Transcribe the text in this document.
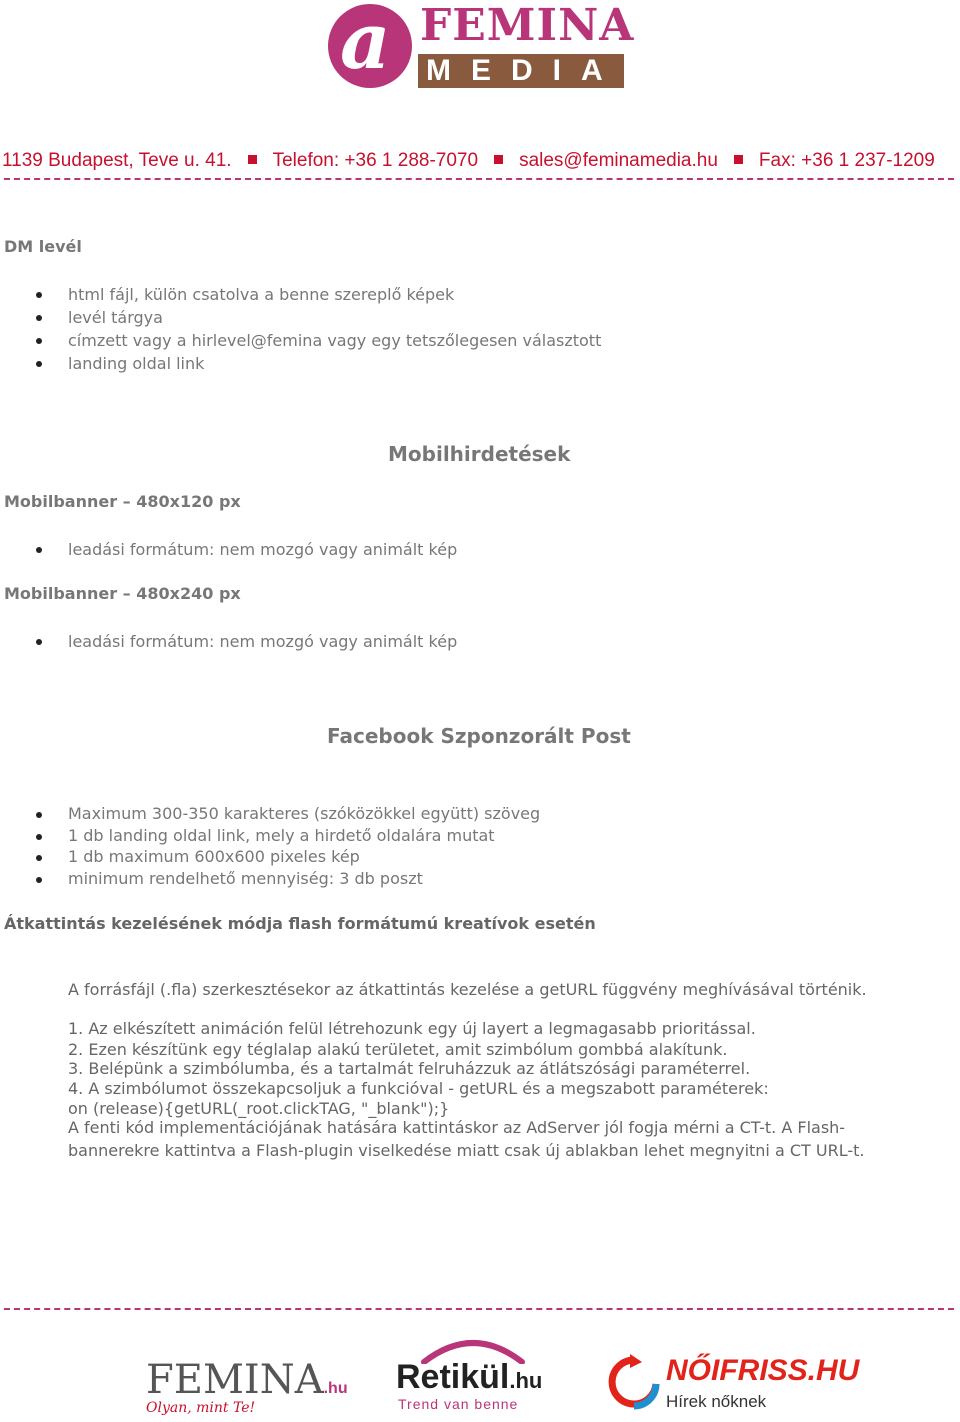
a FEMINA
MEDIA
1139 Budapest, Teve u. 41. Telefon: +36 1 288-7070 sales@feminamedia.hu Fax: +36 1 237-1209
DM levél
html fájl, külön csatolva a benne szereplő képek
levél tárgya
címzett vagy a hirlevel@femina vagy egy tetszőlegesen választott
landing oldal link
Mobilhirdetések
Mobilbanner – 480x120 px
leadási formátum: nem mozgó vagy animált kép
Mobilbanner – 480x240 px
leadási formátum: nem mozgó vagy animált kép
Facebook Szponzorált Post
Maximum 300-350 karakteres (szóközökkel együtt) szöveg
1 db landing oldal link, mely a hirdető oldalára mutat
1 db maximum 600x600 pixeles kép
minimum rendelhető mennyiség: 3 db poszt
Átkattintás kezelésének módja flash formátumú kreatívok esetén
A forrásfájl (.fla) szerkesztésekor az átkattintás kezelése a getURL függvény meghívásával történik.
1. Az elkészített animáción felül létrehozunk egy új layert a legmagasabb prioritással.
2. Ezen készítünk egy téglalap alakú területet, amit szimbólum gombbá alakítunk.
3. Belépünk a szimbólumba, és a tartalmát felruházzuk az átlátszósági paraméterrel.
4. A szimbólumot összekapcsoljuk a funkcióval - getURL és a megszabott paraméterek:
on (release){getURL(_root.clickTAG, "_blank");}
A fenti kód implementációjának hatására kattintáskor az AdServer jól fogja mérni a CT-t. A Flash-
bannerekre kattintva a Flash-plugin viselkedése miatt csak új ablakban lehet megnyitni a CT URL-t.
FEMINA.hu
Olyan, mint Te!
Retikül.hu
Trend van benne
NŐIFRISS.HU
Hírek nőknek
